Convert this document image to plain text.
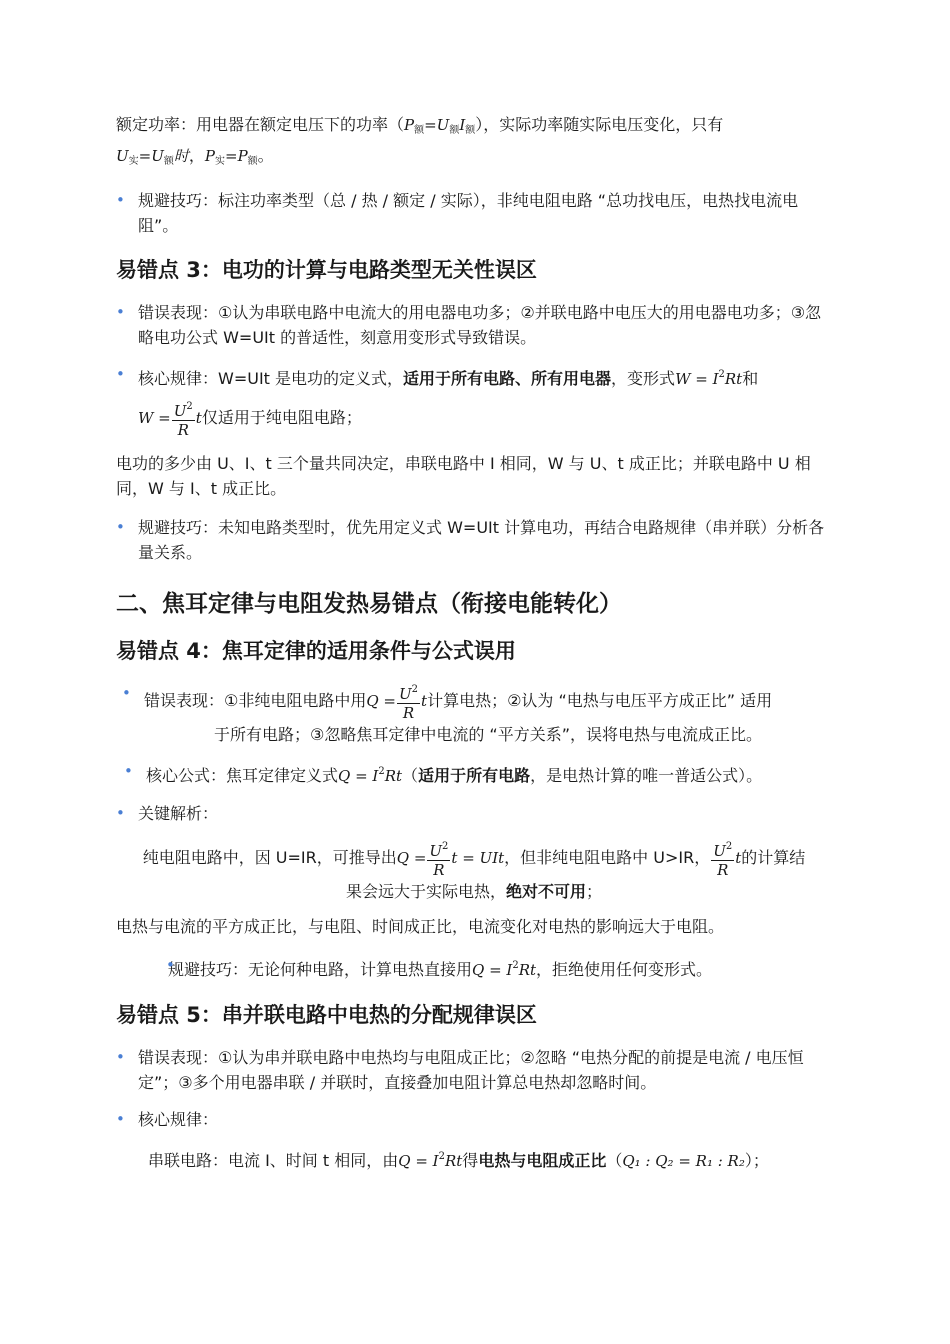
额定功率：用电器在额定电压下的功率$(P_额=U_额I_额)$，实际功率随实际电压变化，只有
$U_实=U_额$时，$P_实=P_额$。

• 规避技巧：标注功率类型（总 / 热 / 额定 / 实际），非纯电阻电路 “总功找电压，电热找电流电阻”。
易错点 3：电功的计算与电路类型无关性误区
• 错误表现：①认为串联电路中电流大的用电器电功多；②并联电路中电压大的用电器电功多；③忽略电功公式 W=UIt 的普适性，刻意用变形式导致错误。
• 核心规律：W=UIt 是电功的定义式，适用于所有电路、所有用电器，变形式$W = I^2Rt$和
$W = \frac{U^2}{R}$ t仅适用于纯电阻电路；

电功的多少由 U、I、t 三个量共同决定，串联电路中 I 相同，W 与 U、t 成正比；并联电路中 U 相同，W 与 I、t 成正比。

• 规避技巧：未知电路类型时，优先用定义式 W=UIt 计算电功，再结合电路规律（串并联）分析各量关系。
二、焦耳定律与电阻发热易错点（衔接电能转化）
易错点 4：焦耳定律的适用条件与公式误用
• 错误表现：①非纯电阻电路中用$Q = \frac{U^2}{R}$ t计算电热；②认为 “电热与电压平方成正比” 适用
于所有电路；③忽略焦耳定律中电流的 “平方关系”，误将电热与电流成正比。
• 核心公式：焦耳定律定义式$Q = I^2Rt$（适用于所有电路，是电热计算的唯一普适公式）。
• 关键解析：
纯电阻电路中，因 U=IR，可推导出$Q = \frac{U^2}{R}$ t = UIt，但非纯电阻电路中 U>IR， $\frac{U^2}{R}$ t的计算结
果会远大于实际电热，绝对不可用；

电热与电流的平方成正比，与电阻、时间成正比，电流变化对电热的影响远大于电阻。

• 规避技巧：无论何种电路，计算电热直接用$Q = I^2Rt$，拒绝使用任何变形式。
易错点 5：串并联电路中电热的分配规律误区
• 错误表现：①认为串并联电路中电热均与电阻成正比；②忽略 “电热分配的前提是电流 / 电压恒定”；③多个用电器串联 / 并联时，直接叠加电阻计算总电热却忽略时间。
• 核心规律：

串联电路：电流 I、时间 t 相同，由$Q = I^2Rt$得电热与电阻成正比（Q₁ : Q₂ = R₁ : R₂）；
